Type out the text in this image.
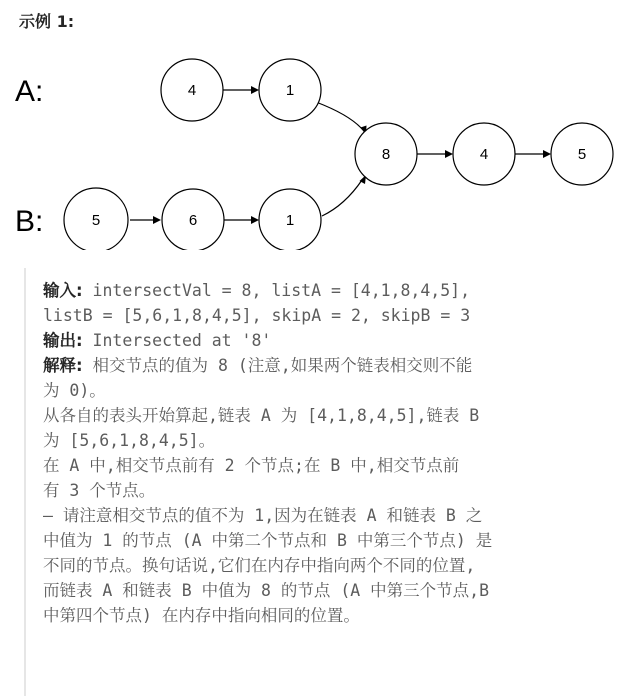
示例 1:
A:
B:
4	1
5	6	1
8	4	5
输入: intersectVal = 8, listA = [4,1,8,4,5],
listB = [5,6,1,8,4,5], skipA = 2, skipB = 3
输出: Intersected at '8'
解释: 相交节点的值为 8 (注意,如果两个链表相交则不能
为 0)。
从各自的表头开始算起,链表 A 为 [4,1,8,4,5],链表 B
为 [5,6,1,8,4,5]。
在 A 中,相交节点前有 2 个节点;在 B 中,相交节点前
有 3 个节点。
— 请注意相交节点的值不为 1,因为在链表 A 和链表 B 之
中值为 1 的节点 (A 中第二个节点和 B 中第三个节点) 是
不同的节点。换句话说,它们在内存中指向两个不同的位置,
而链表 A 和链表 B 中值为 8 的节点 (A 中第三个节点,B
中第四个节点) 在内存中指向相同的位置。
